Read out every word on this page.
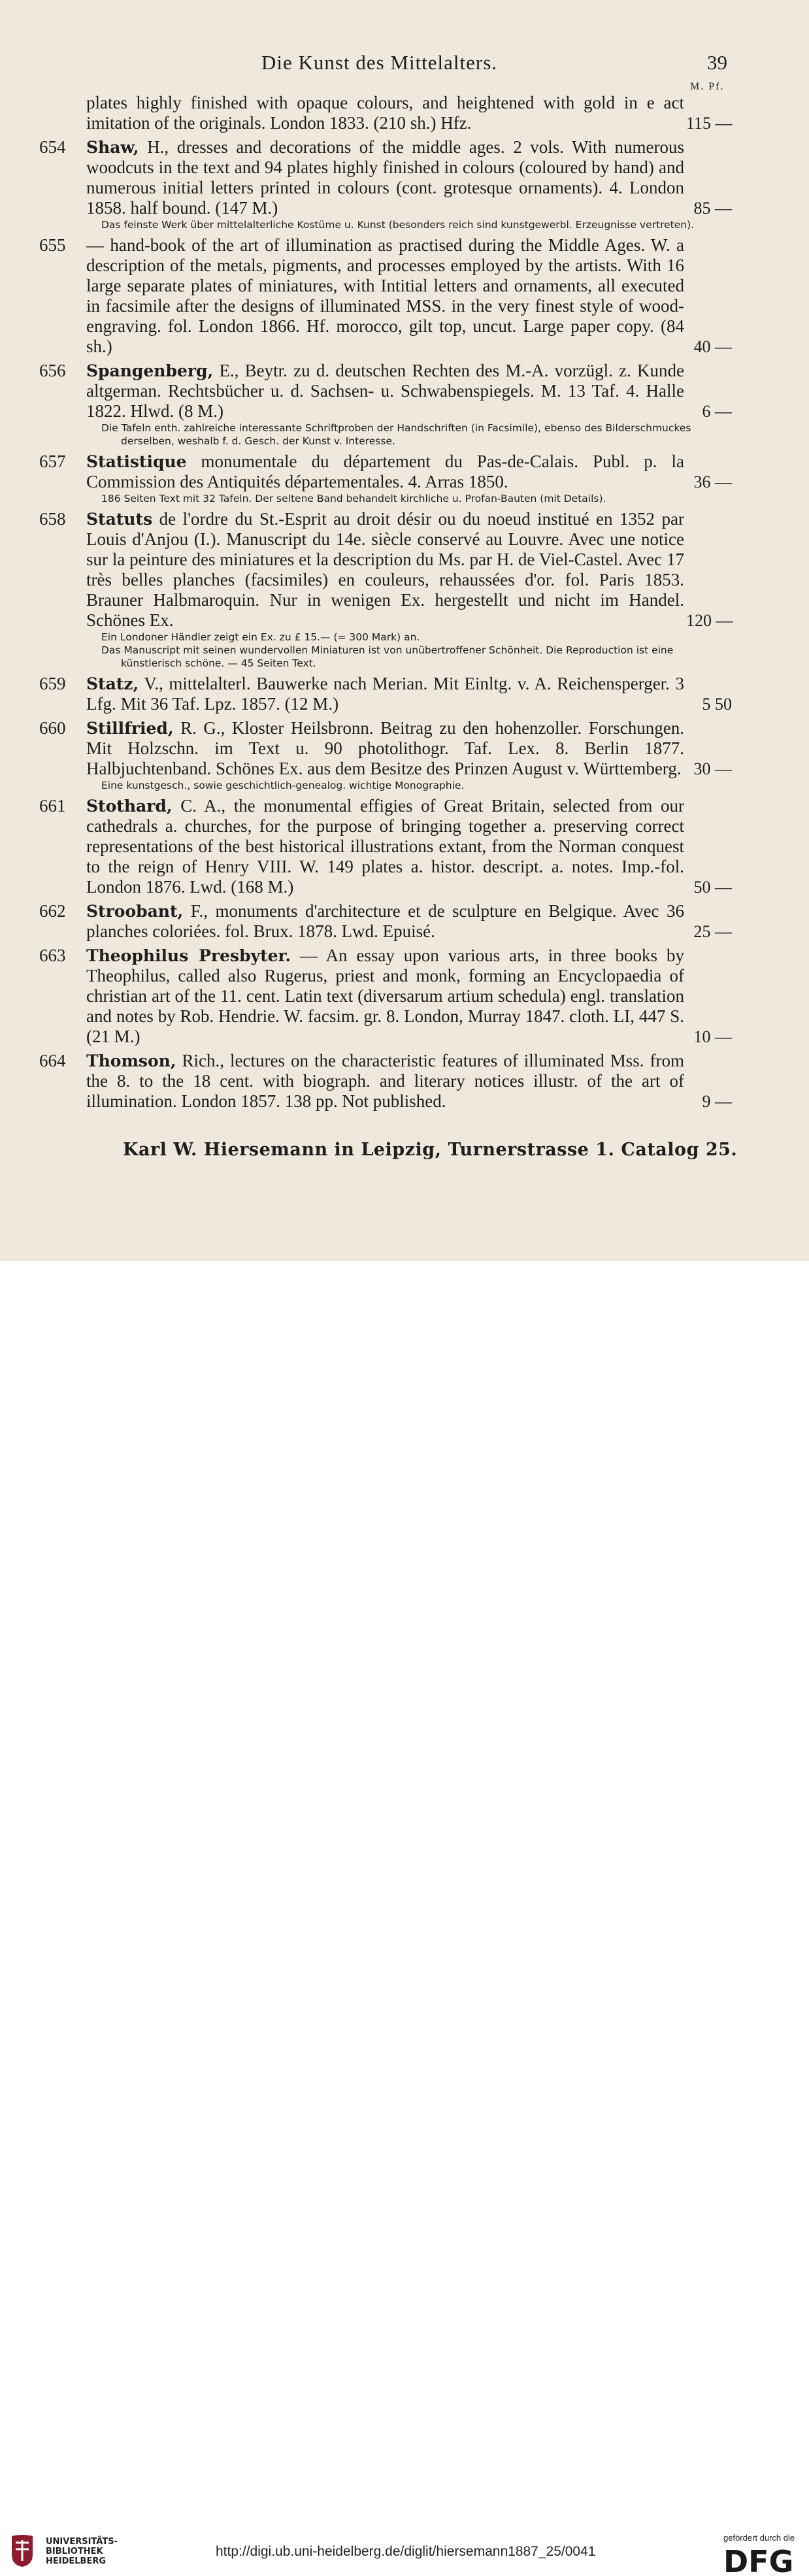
Die Kunst des Mittelalters.	39
M. Pf.
plates highly finished with opaque colours, and heightened with gold in e act imitation of the originals. London 1833. (210 sh.) Hfz.	115 —
654	Shaw, H., dresses and decorations of the middle ages. 2 vols. With numerous woodcuts in the text and 94 plates highly finished in colours (coloured by hand) and numerous initial letters printed in colours (cont. grotesque ornaments). 4. London 1858. half bound. (147 M.)	85 —
Das feinste Werk über mittelalterliche Kostüme u. Kunst (besonders reich sind kunstgewerbl. Erzeugnisse vertreten).
655	— hand-book of the art of illumination as practised during the Middle Ages. W. a description of the metals, pigments, and processes employed by the artists. With 16 large separate plates of miniatures, with Intitial letters and ornaments, all executed in facsimile after the designs of illuminated MSS. in the very finest style of wood-engraving. fol. London 1866. Hf. morocco, gilt top, uncut. Large paper copy. (84 sh.)	40 —
656	Spangenberg, E., Beytr. zu d. deutschen Rechten des M.-A. vorzügl. z. Kunde altgerman. Rechtsbücher u. d. Sachsen- u. Schwabenspiegels. M. 13 Taf. 4. Halle 1822. Hlwd. (8 M.)	6 —
Die Tafeln enth. zahlreiche interessante Schriftproben der Handschriften (in Facsimile), ebenso des Bilderschmuckes derselben, weshalb f. d. Gesch. der Kunst v. Interesse.
657	Statistique monumentale du département du Pas-de-Calais. Publ. p. la Commission des Antiquités départementales. 4. Arras 1850.	36 —
186 Seiten Text mit 32 Tafeln. Der seltene Band behandelt kirchliche u. Profan-Bauten (mit Details).
658	Statuts de l'ordre du St.-Esprit au droit désir ou du noeud institué en 1352 par Louis d'Anjou (I.). Manuscript du 14e. siècle conservé au Louvre. Avec une notice sur la peinture des miniatures et la description du Ms. par H. de Viel-Castel. Avec 17 très belles planches (facsimiles) en couleurs, rehaussées d'or. fol. Paris 1853. Brauner Halbmaroquin. Nur in wenigen Ex. hergestellt und nicht im Handel. Schönes Ex.	120 —
Ein Londoner Händler zeigt ein Ex. zu £ 15.— (= 300 Mark) an.
Das Manuscript mit seinen wundervollen Miniaturen ist von unübertroffener Schönheit. Die Reproduction ist eine künstlerisch schöne. — 45 Seiten Text.
659	Statz, V., mittelalterl. Bauwerke nach Merian. Mit Einltg. v. A. Reichensperger. 3 Lfg. Mit 36 Taf. Lpz. 1857. (12 M.)	5 50
660	Stillfried, R. G., Kloster Heilsbronn. Beitrag zu den hohenzoller. Forschungen. Mit Holzschn. im Text u. 90 photolithogr. Taf. Lex. 8. Berlin 1877. Halbjuchtenband. Schönes Ex. aus dem Besitze des Prinzen August v. Württemberg. 30 —
Eine kunstgesch., sowie geschichtlich-genealog. wichtige Monographie.
661	Stothard, C. A., the monumental effigies of Great Britain, selected from our cathedrals a. churches, for the purpose of bringing together a. preserving correct representations of the best historical illustrations extant, from the Norman conquest to the reign of Henry VIII. W. 149 plates a. histor. descript. a. notes. Imp.-fol. London 1876. Lwd. (168 M.)	50 —
662	Stroobant, F., monuments d'architecture et de sculpture en Belgique. Avec 36 planches coloriées. fol. Brux. 1878. Lwd. Epuisé.	25 —
663	Theophilus Presbyter. — An essay upon various arts, in three books by Theophilus, called also Rugerus, priest and monk, forming an Encyclopaedia of christian art of the 11. cent. Latin text (diversarum artium schedula) engl. translation and notes by Rob. Hendrie. W. facsim. gr. 8. London, Murray 1847. cloth. LI, 447 S. (21 M.)	10 —
664	Thomson, Rich., lectures on the characteristic features of illuminated Mss. from the 8. to the 18 cent. with biograph. and literary notices illustr. of the art of illumination. London 1857. 138 pp. Not published.	9 —
Karl W. Hiersemann in Leipzig, Turnerstrasse 1. Catalog 25.
UNIVERSITÄTS-
BIBLIOTHEK
HEIDELBERG
http://digi.ub.uni-heidelberg.de/diglit/hiersemann1887_25/0041
gefördert durch die
DFG
